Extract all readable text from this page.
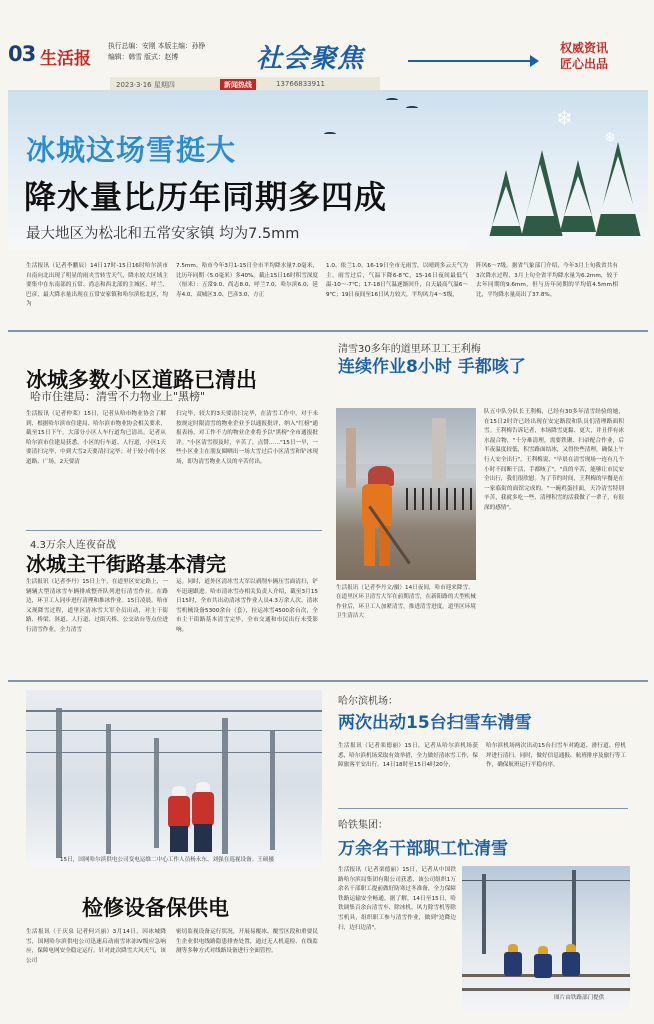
03 生活报
执行总编：安刚 本版主编：孙铮
编辑：韩雪 版式：赵博	社会聚焦	权威资讯
匠心出品
2023·3·16 星期四	新闻热线	13766833911
❄
❄
冰城这场雪挺大
降水量比历年同期多四成
最大地区为松北和五常安家镇 均为7.5mm
生活报讯（记者李鹏辰）14日17时-15日16时哈尔滨市自南向北出现了明显的雨夹雪转雪天气，降水较大区域主要集中在东南部的五常、尚志和西北部的主城区、呼兰、巴彦，最大降水量出现在五常安家镇和哈尔滨松北区，均为
7.5mm。哈市今年3月1-15日全市平均降水量7.0毫米，比历年同期（5.0毫米）多40%。截止15日16时积雪深度（厘米）：五常9.0、尚志8.0、呼兰7.0、哈尔滨6.0、延寿4.0、双城区3.0、巴彦3.0、方正
1.0、依兰1.0。16-19日全市无雨雪，以晴到多云天气为主。雨雪过后，气温下降6-8℃，15-16日夜间最低气温-10～-7℃；17-18日气温逐渐回升，白天最高气温6～9℃；19日夜间至16日风力较大，平均风力4～5级，
阵风6～7级。据省气象部门介绍，今年3月上旬我省共有3次降水过程，3月上旬全省平均降水量为6.2mm，较于去年同期的9.6mm，但与历年同期的平均值4.5mm相比，平均降水量高出了37.8%。
冰城多数小区道路已清出
哈市住建局：清雪不力物业上"黑榜"
生活报讯（记者仲莱）15日，记者从哈市物业协会了解到，根据哈尔滨市住建局、哈尔滨市物业协会相关要求，截至15日下午，大部分小区人车行道均已清出。记者从哈尔滨市住建局获悉，小区的行车道、人行道，小区1天要清扫完毕，中到大雪2天要清扫完毕；对于较小的小区道路、广场，2天要清
扫完毕，较大的3天要清扫完毕，在清雪工作中，对于未按规定时限清雪的物业企业予以通报批评，纳入"红榜"通报表扬，对工作不力的物业企业将予以"黑榜"全市通报批评。"小区清雪很及时，辛苦了，点赞……"15日一早，一些小区业主在朋友圈晒出一场大雪过后小区清雪和铲冰现场，即为清雪物业人员的辛苦付出。
4.3万余人连夜奋战
冰城主干街路基本清完
生活报讯（记者李丹）15日上午，在道里区安定路上，一辆辆大型清冰雪车辆排成整齐队列进行清雪作业。在路边，环卫工人同步进行清理和推冰作业。15日凌晨，哈市又现降雪过程，道里区清冰雪大军全员出动，对主干街路、桥梁、斜道、人行道、过街天桥、公交站台等点位进行清雪作业，全力清雪
运。同时，道外区清冰雪大军以剥削车辆压雪面清扫，铲车迅速跟进。哈市清冰雪办相关负责人介绍，截至3月15日15时，全市共出动清冰雪作业人员4.3万余人次、清冰雪机械设备5300余台（套），拉运冰雪4500余台次，全市主干街路基本清雪完毕，全市交通和市民出行未受影响。
清雪30多年的道里环卫工王利梅
连续作业8小时 手都咳了
生活报讯（记者李丹文/摄）14日夜间，哈市迎来降雪。在道里区环卫清雪大军在前期清雪，在新阳路的大型机械作业后，环卫工人加紧清雪，推进清雪进度。道里区环境卫生清洁大
队五中队分队长王利梅，已经有30多年清雪经验的她，在15日2时许已经出现在安定路段和队员们清理路面积雪。王利梅告诉记者，本场降雪更黏、更大，并且伴有冰水混合物，"十分难清理，需要铁锹、扫帚配合作业，后半夜温度较低，积雪路面结冰，又得快些清理，确保上午行人安全出行"。王利梅说，"早晨在清雪现场一连有几个小时不间断干活，手都咳了"。"真的辛苦，能够让市民安全出行，我们很欣慰。为了节约时间，王利梅的早餐是在一家临街的面馆完成的。"一碗鸡蛋挂面，天冷清雪特别辛苦，我就多吃一些，清理积雪的活我做了一辈子，有很深的感情"。
15日，国网哈尔滨供电公司变电运维二中心工作人员杨永东、刘强在巡视设备。王硕摄
检修设备保供电
生活报讯（于庆泉 记者何兴丽）3月14日，因冰城降雪，国网哈尔滨供电公司迅速启动雨雪冰冻IV级应急响应，保障电网安全稳定运行。针对此次降雪大风天气，该公司
密切监视设备运行状况，开展易覆冰、覆雪区段和重要民生企业供电线路隐患排查处置，通过无人机巡检、在线监测等多种方式对线路设备进行全面管控。
哈尔滨机场：
两次出动15台扫雪车清雪
生活报讯（记者栾德丽）15日，记者从哈尔滨机场获悉，哈尔滨机场采取有效举措，全力做好清冰雪工作，保障旅客平安出行。14日18时至15日4时20分，
哈尔滨机场两次出动15台扫雪车对跑道、滑行道、停机坪进行清扫。同时，做好信息通报、航班排序及旅行等工作，确保航班运行平稳有序。
哈铁集团：
万余名干部职工忙清雪
生活报讯（记者栾德丽）15日，记者从中国铁路哈尔滨局集团有限公司获悉，该公司组织1万余名干部职工提前做好防寒过冬准备，全力保障铁路运输安全畅通。据了解，14日至15日，哈铁调集百余台清雪车、除冰机、风力除雪机等除雪机具，组织职工参与清雪作业，做到"边降边扫，边扫边清"。
图片由铁路部门提供
